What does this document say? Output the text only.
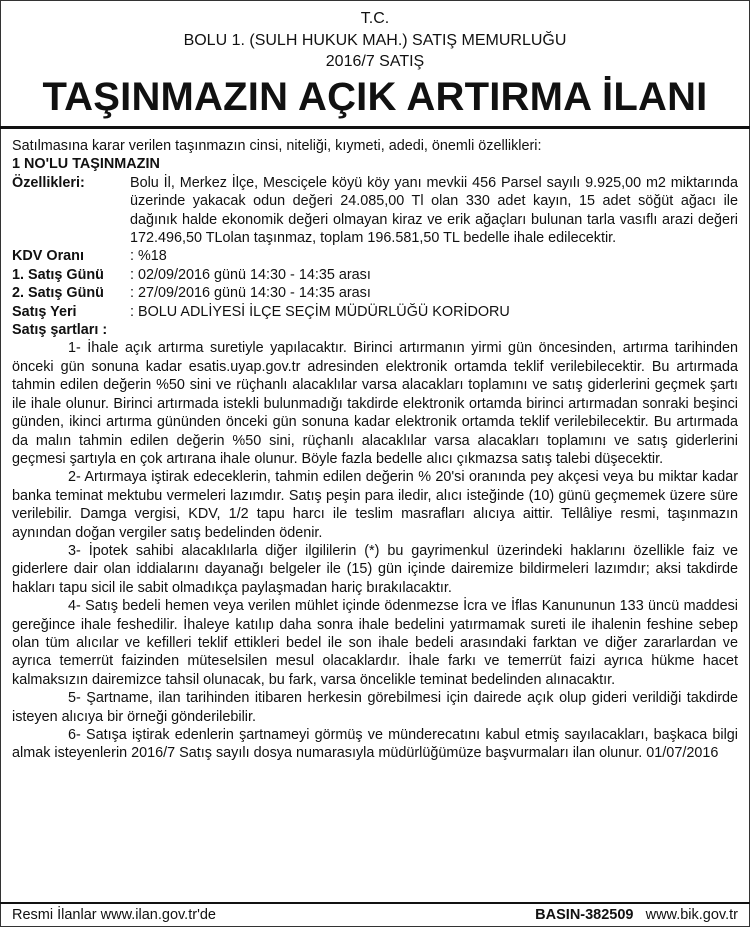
T.C.
BOLU 1. (SULH HUKUK MAH.) SATIŞ MEMURLUĞU
2016/7 SATIŞ
TAŞINMAZIN AÇIK ARTIRMA İLANI

Satılmasına karar verilen taşınmazın cinsi, niteliği, kıymeti, adedi, önemli özellikleri:

1 NO'LU TAŞINMAZIN

Özellikleri:	Bolu İl, Merkez İlçe, Mesciçele köyü köy yanı mevkii 456 Parsel sayılı 9.925,00 m2 miktarında üzerinde yakacak odun değeri 24.085,00 Tl olan 330 adet kayın, 15 adet söğüt ağacı ile dağınık halde ekonomik değeri olmayan kiraz ve erik ağaçları bulunan tarla vasıflı arazi değeri 172.496,50 TLolan taşınmaz, toplam 196.581,50 TL bedelle ihale edilecektir.
KDV Oranı	: %18
1. Satış Günü	: 02/09/2016 günü 14:30 - 14:35 arası
2. Satış Günü	: 27/09/2016 günü 14:30 - 14:35 arası
Satış Yeri	: BOLU ADLİYESİ İLÇE SEÇİM MÜDÜRLÜĞÜ KORİDORU

Satış şartları :

1- İhale açık artırma suretiyle yapılacaktır. Birinci artırmanın yirmi gün öncesinden, artırma tarihinden önceki gün sonuna kadar esatis.uyap.gov.tr adresinden elektronik ortamda teklif verilebilecektir. Bu artırmada tahmin edilen değerin %50 sini ve rüçhanlı alacaklılar varsa alacakları toplamını ve satış giderlerini geçmek şartı ile ihale olunur. Birinci artırmada istekli bulunmadığı takdirde elektronik ortamda birinci artırmadan sonraki beşinci günden, ikinci artırma gününden önceki gün sonuna kadar elektronik ortamda teklif verilebilecektir. Bu artırmada da malın tahmin edilen değerin %50 sini, rüçhanlı alacaklılar varsa alacakları toplamını ve satış giderlerini geçmesi şartıyla en çok artırana ihale olunur. Böyle fazla bedelle alıcı çıkmazsa satış talebi düşecektir.

2- Artırmaya iştirak edeceklerin, tahmin edilen değerin % 20'si oranında pey akçesi veya bu miktar kadar banka teminat mektubu vermeleri lazımdır. Satış peşin para iledir, alıcı isteğinde (10) günü geçmemek üzere süre verilebilir. Damga vergisi, KDV, 1/2 tapu harcı ile teslim masrafları alıcıya aittir. Tellâliye resmi, taşınmazın aynından doğan vergiler satış bedelinden ödenir.

3- İpotek sahibi alacaklılarla diğer ilgililerin (*) bu gayrimenkul üzerindeki haklarını özellikle faiz ve giderlere dair olan iddialarını dayanağı belgeler ile (15) gün içinde dairemize bildirmeleri lazımdır; aksi takdirde hakları tapu sicil ile sabit olmadıkça paylaşmadan hariç bırakılacaktır.

4- Satış bedeli hemen veya verilen mühlet içinde ödenmezse İcra ve İflas Kanununun 133 üncü maddesi gereğince ihale feshedilir. İhaleye katılıp daha sonra ihale bedelini yatırmamak sureti ile ihalenin feshine sebep olan tüm alıcılar ve kefilleri teklif ettikleri bedel ile son ihale bedeli arasındaki farktan ve diğer zararlardan ve ayrıca temerrüt faizinden müteselsilen mesul olacaklardır. İhale farkı ve temerrüt faizi ayrıca hükme hacet kalmaksızın dairemizce tahsil olunacak, bu fark, varsa öncelikle teminat bedelinden alınacaktır.

5- Şartname, ilan tarihinden itibaren herkesin görebilmesi için dairede açık olup gideri verildiği takdirde isteyen alıcıya bir örneği gönderilebilir.

6- Satışa iştirak edenlerin şartnameyi görmüş ve münderecatını kabul etmiş sayılacakları, başkaca bilgi almak isteyenlerin 2016/7 Satış sayılı dosya numarasıyla müdürlüğümüze başvurmaları ilan olunur. 01/07/2016

Resmi İlanlar www.ilan.gov.tr'de	BASIN-382509 www.bik.gov.tr
